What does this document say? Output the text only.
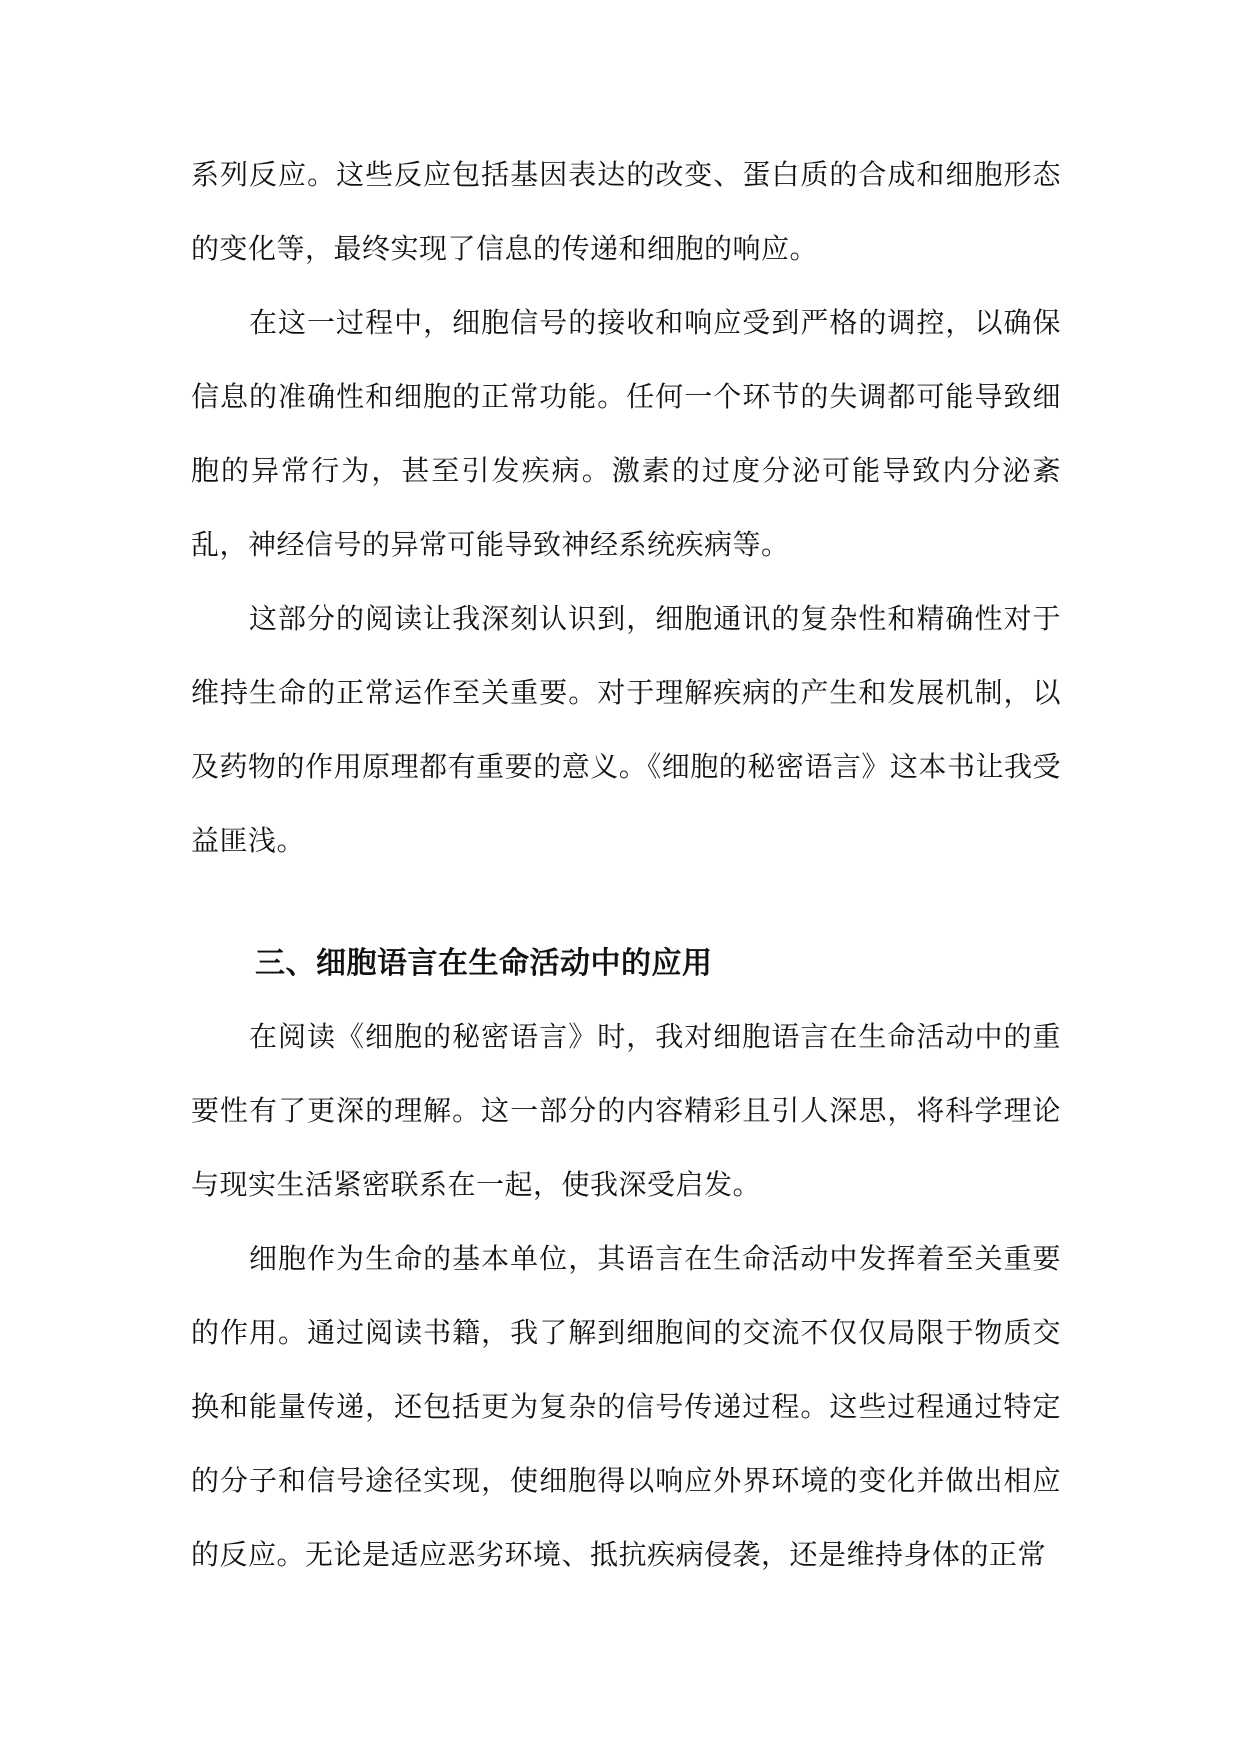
系列反应。这些反应包括基因表达的改变、蛋白质的合成和细胞形态的变化等，最终实现了信息的传递和细胞的响应。

在这一过程中，细胞信号的接收和响应受到严格的调控，以确保信息的准确性和细胞的正常功能。任何一个环节的失调都可能导致细胞的异常行为，甚至引发疾病。激素的过度分泌可能导致内分泌紊乱，神经信号的异常可能导致神经系统疾病等。

这部分的阅读让我深刻认识到，细胞通讯的复杂性和精确性对于维持生命的正常运作至关重要。对于理解疾病的产生和发展机制，以及药物的作用原理都有重要的意义。《细胞的秘密语言》这本书让我受益匪浅。

三、细胞语言在生命活动中的应用

在阅读《细胞的秘密语言》时，我对细胞语言在生命活动中的重要性有了更深的理解。这一部分的内容精彩且引人深思，将科学理论与现实生活紧密联系在一起，使我深受启发。

细胞作为生命的基本单位，其语言在生命活动中发挥着至关重要的作用。通过阅读书籍，我了解到细胞间的交流不仅仅局限于物质交换和能量传递，还包括更为复杂的信号传递过程。这些过程通过特定的分子和信号途径实现，使细胞得以响应外界环境的变化并做出相应的反应。无论是适应恶劣环境、抵抗疾病侵袭，还是维持身体的正常
